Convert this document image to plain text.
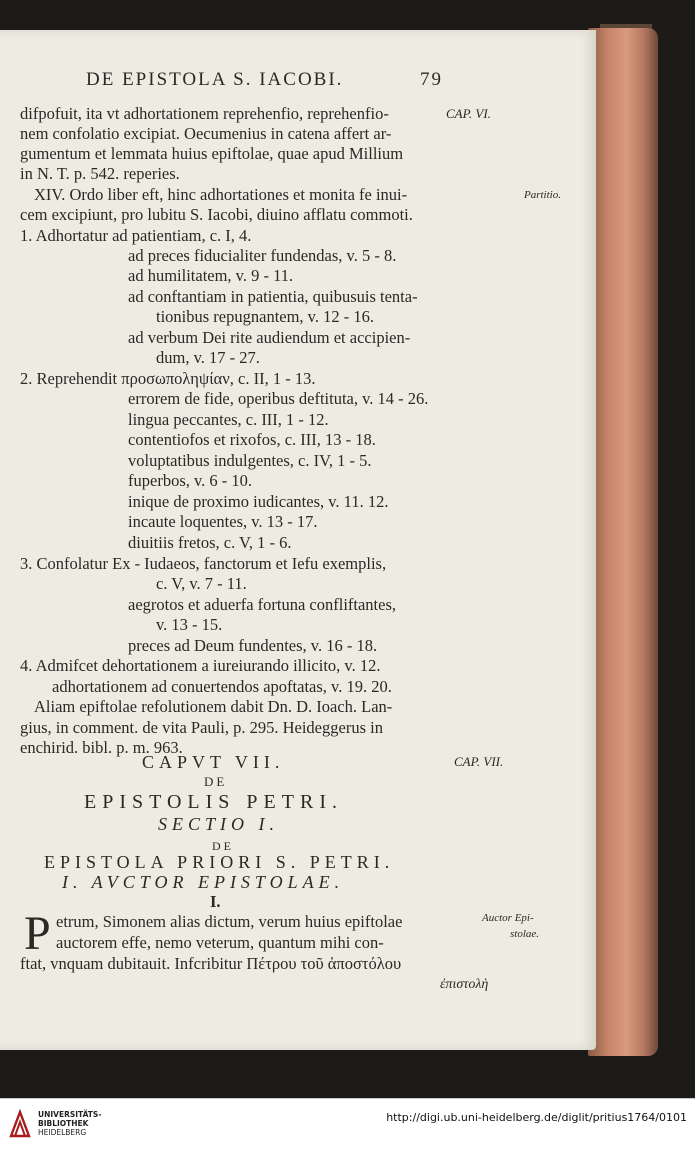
DE EPISTOLA S. IACOBI.	79
CAP. VI.
Partitio.
CAP. VII.
Auctor Epi-
stolae.
difpofuit, ita vt adhortationem reprehenfio, reprehenfio-
nem confolatio excipiat. Oecumenius in catena affert ar-
gumentum et lemmata huius epiftolae, quae apud Millium
in N. T. p. 542. reperies.
XIV. Ordo liber eft, hinc adhortationes et monita fe inui-
cem excipiunt, pro lubitu S. Iacobi, diuino afflatu commoti.
1. Adhortatur ad patientiam, c. I, 4.
ad preces fiducialiter fundendas, v. 5 - 8.
ad humilitatem, v. 9 - 11.
ad conftantiam in patientia, quibusuis tenta-
tionibus repugnantem, v. 12 - 16.
ad verbum Dei rite audiendum et accipien-
dum, v. 17 - 27.
2. Reprehendit προσωποληψίαν, c. II, 1 - 13.
errorem de fide, operibus deftituta, v. 14 - 26.
lingua peccantes, c. III, 1 - 12.
contentiofos et rixofos, c. III, 13 - 18.
voluptatibus indulgentes, c. IV, 1 - 5.
fuperbos, v. 6 - 10.
inique de proximo iudicantes, v. 11. 12.
incaute loquentes, v. 13 - 17.
diuitiis fretos, c. V, 1 - 6.
3. Confolatur Ex - Iudaeos, fanctorum et Iefu exemplis,
c. V, v. 7 - 11.
aegrotos et aduerfa fortuna confliftantes,
v. 13 - 15.
preces ad Deum fundentes, v. 16 - 18.
4. Admifcet dehortationem a iureiurando illicito, v. 12.
adhortationem ad conuertendos apoftatas, v. 19. 20.
Aliam epiftolae refolutionem dabit Dn. D. Ioach. Lan-
gius, in comment. de vita Pauli, p. 295. Heideggerus in
enchirid. bibl. p. m. 963.
CAPVT VII.
DE
EPISTOLIS PETRI.
SECTIO I.
DE
EPISTOLA PRIORI S. PETRI.
I. AVCTOR EPISTOLAE.
I.
P etrum, Simonem alias dictum, verum huius epiftolae
auctorem effe, nemo veterum, quantum mihi con-
ftat, vnquam dubitauit. Infcribitur Πέτρου τοῦ ἀποστόλου
ἐπιστολὴ
UNIVERSITÄTS-
BIBLIOTHEK
HEIDELBERG
http://digi.ub.uni-heidelberg.de/diglit/pritius1764/0101
